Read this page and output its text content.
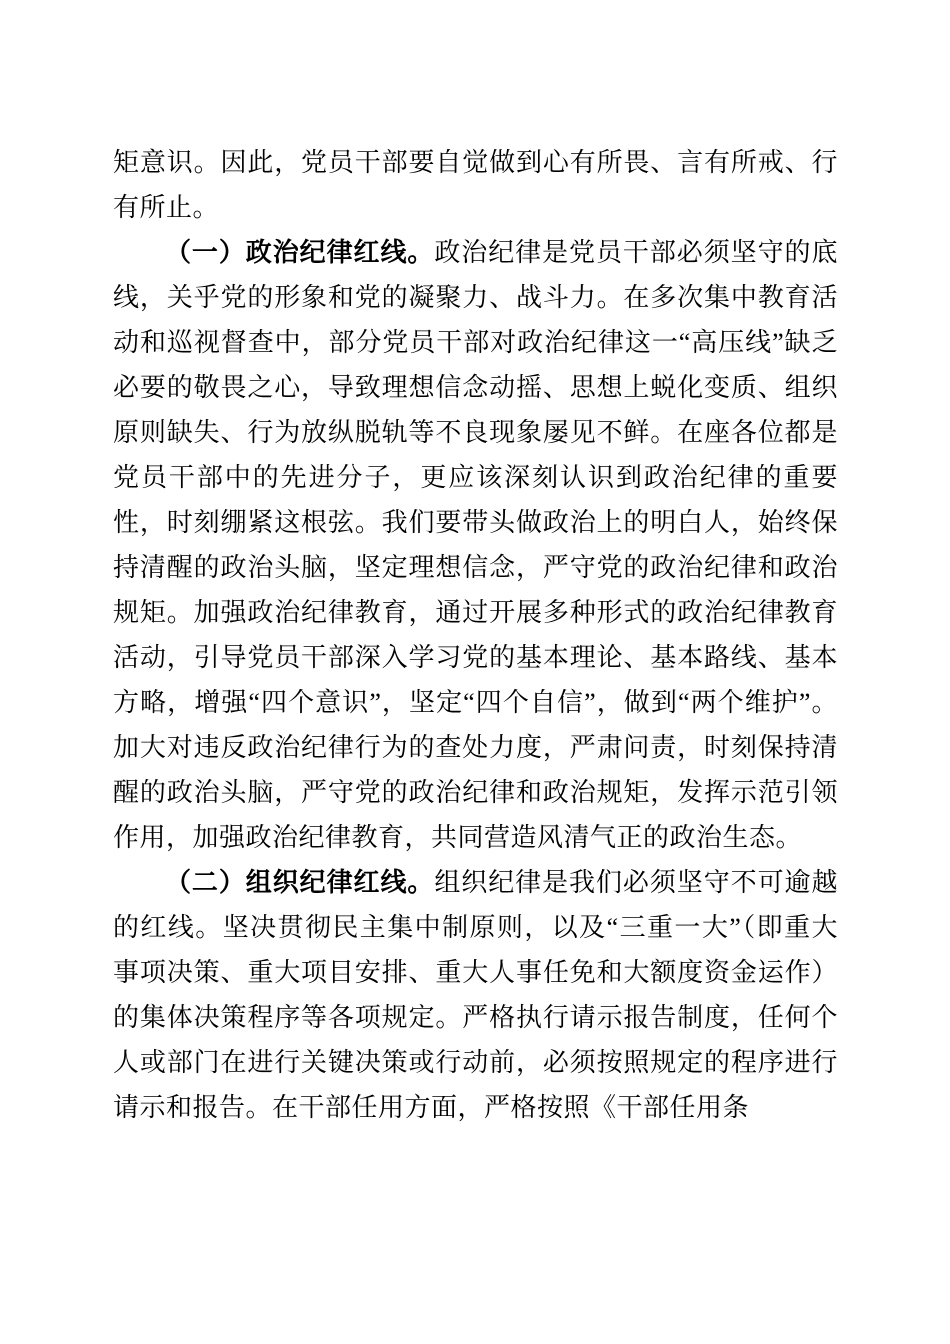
矩意识。因此，党员干部要自觉做到心有所畏、言有所戒、行有所止。

（一）政治纪律红线。政治纪律是党员干部必须坚守的底线，关乎党的形象和党的凝聚力、战斗力。在多次集中教育活动和巡视督查中，部分党员干部对政治纪律这一“高压线”缺乏必要的敬畏之心，导致理想信念动摇、思想上蜕化变质、组织原则缺失、行为放纵脱轨等不良现象屡见不鲜。在座各位都是党员干部中的先进分子，更应该深刻认识到政治纪律的重要性，时刻绷紧这根弦。我们要带头做政治上的明白人，始终保持清醒的政治头脑，坚定理想信念，严守党的政治纪律和政治规矩。加强政治纪律教育，通过开展多种形式的政治纪律教育活动，引导党员干部深入学习党的基本理论、基本路线、基本方略，增强“四个意识”，坚定“四个自信”，做到“两个维护”。加大对违反政治纪律行为的查处力度，严肃问责，时刻保持清醒的政治头脑，严守党的政治纪律和政治规矩，发挥示范引领作用，加强政治纪律教育，共同营造风清气正的政治生态。

（二）组织纪律红线。组织纪律是我们必须坚守不可逾越的红线。坚决贯彻民主集中制原则，以及“三重一大”（即重大事项决策、重大项目安排、重大人事任免和大额度资金运作）的集体决策程序等各项规定。严格执行请示报告制度，任何个人或部门在进行关键决策或行动前，必须按照规定的程序进行请示和报告。在干部任用方面，严格按照《干部任用条
